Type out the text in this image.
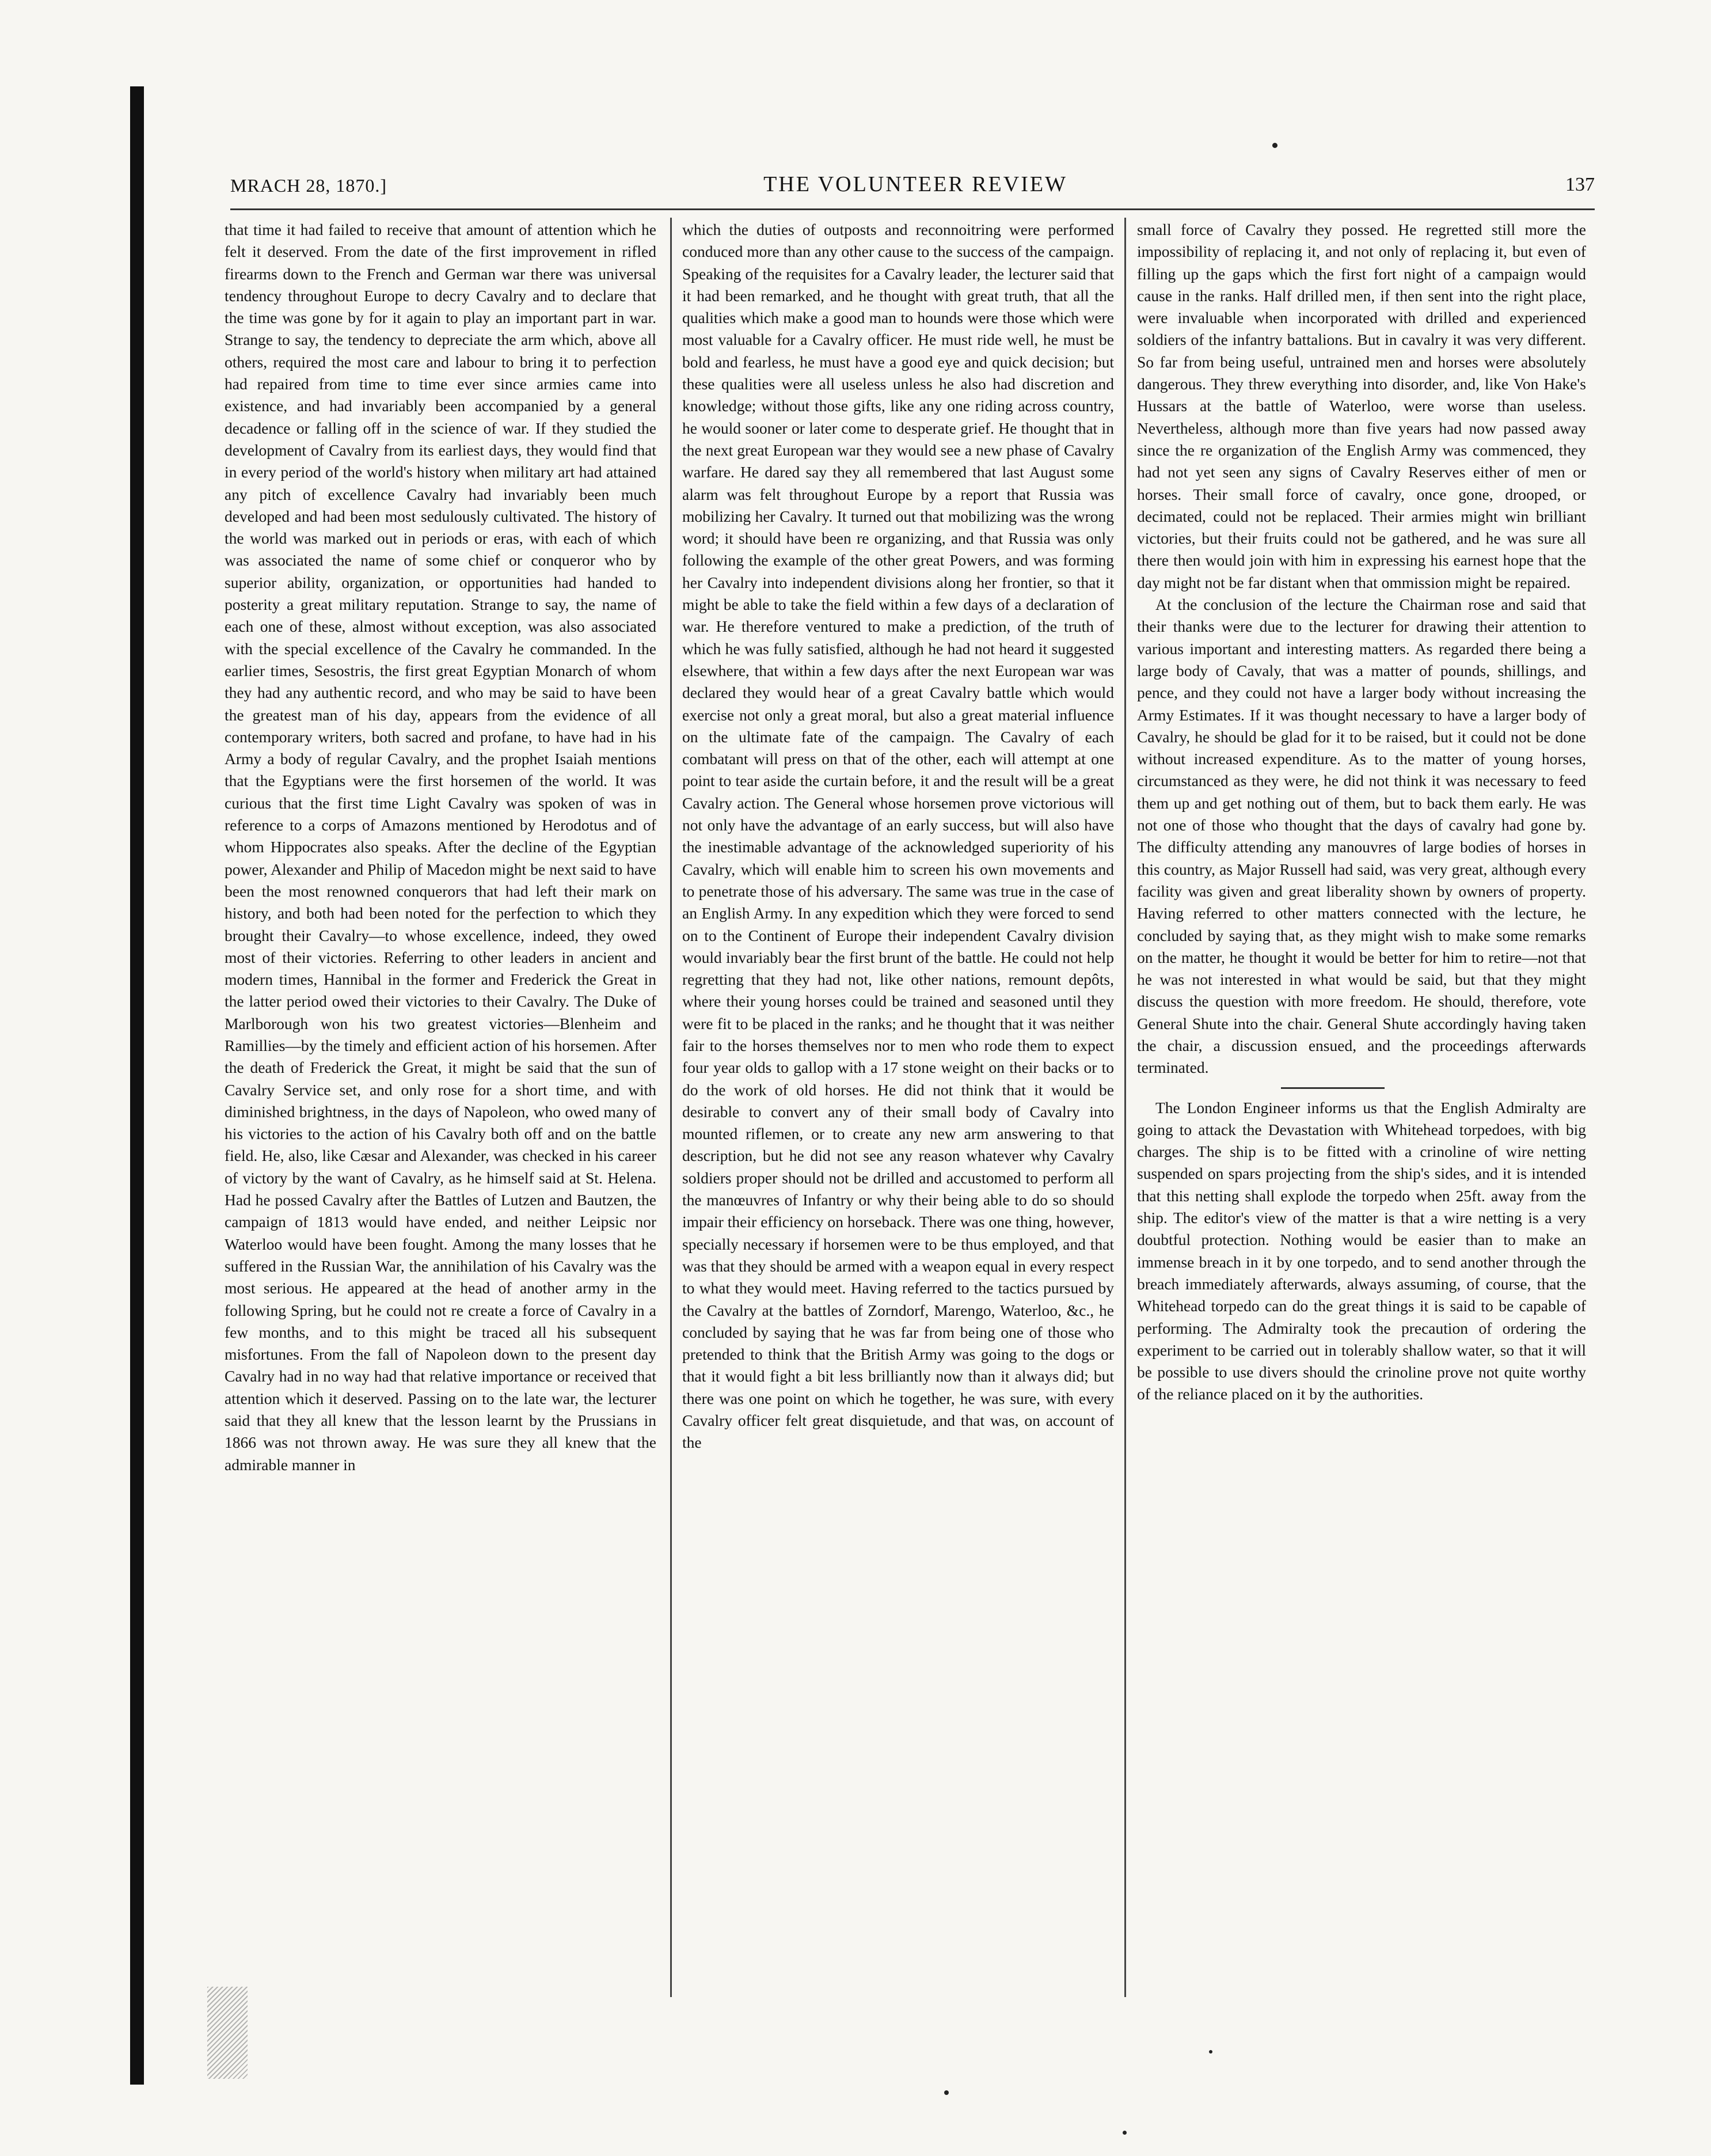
MRACH 28, 1870.]	THE VOLUNTEER REVIEW	137

that time it had failed to receive that amount of attention which he felt it deserved. From the date of the first improvement in rifled firearms down to the French and German war there was universal tendency throughout Europe to decry Cavalry and to declare that the time was gone by for it again to play an important part in war. Strange to say, the tendency to depreciate the arm which, above all others, required the most care and labour to bring it to perfection had repaired from time to time ever since armies came into existence, and had invariably been accompanied by a general decadence or falling off in the science of war. If they studied the development of Cavalry from its earliest days, they would find that in every period of the world's history when military art had attained any pitch of excellence Cavalry had invariably been much developed and had been most sedulously cultivated. The history of the world was marked out in periods or eras, with each of which was associated the name of some chief or conqueror who by superior ability, organization, or opportunities had handed to posterity a great military reputation. Strange to say, the name of each one of these, almost without exception, was also associated with the special excellence of the Cavalry he commanded. In the earlier times, Sesostris, the first great Egyptian Monarch of whom they had any authentic record, and who may be said to have been the greatest man of his day, appears from the evidence of all contemporary writers, both sacred and profane, to have had in his Army a body of regular Cavalry, and the prophet Isaiah mentions that the Egyptians were the first horsemen of the world. It was curious that the first time Light Cavalry was spoken of was in reference to a corps of Amazons mentioned by Herodotus and of whom Hippocrates also speaks. After the decline of the Egyptian power, Alexander and Philip of Macedon might be next said to have been the most renowned conquerors that had left their mark on history, and both had been noted for the perfection to which they brought their Cavalry—to whose excellence, indeed, they owed most of their victories. Referring to other leaders in ancient and modern times, Hannibal in the former and Frederick the Great in the latter period owed their victories to their Cavalry. The Duke of Marlborough won his two greatest victories—Blenheim and Ramillies—by the timely and efficient action of his horsemen. After the death of Frederick the Great, it might be said that the sun of Cavalry Service set, and only rose for a short time, and with diminished brightness, in the days of Napoleon, who owed many of his victories to the action of his Cavalry both off and on the battle field. He, also, like Cæsar and Alexander, was checked in his career of victory by the want of Cavalry, as he himself said at St. Helena. Had he possed Cavalry after the Battles of Lutzen and Bautzen, the campaign of 1813 would have ended, and neither Leipsic nor Waterloo would have been fought. Among the many losses that he suffered in the Russian War, the annihilation of his Cavalry was the most serious. He appeared at the head of another army in the following Spring, but he could not re create a force of Cavalry in a few months, and to this might be traced all his subsequent misfortunes. From the fall of Napoleon down to the present day Cavalry had in no way had that relative importance or received that attention which it deserved. Passing on to the late war, the lecturer said that they all knew that the lesson learnt by the Prussians in 1866 was not thrown away. He was sure they all knew that the admirable manner in

which the duties of outposts and reconnoitring were performed conduced more than any other cause to the success of the campaign. Speaking of the requisites for a Cavalry leader, the lecturer said that it had been remarked, and he thought with great truth, that all the qualities which make a good man to hounds were those which were most valuable for a Cavalry officer. He must ride well, he must be bold and fearless, he must have a good eye and quick decision; but these qualities were all useless unless he also had discretion and knowledge; without those gifts, like any one riding across country, he would sooner or later come to desperate grief. He thought that in the next great European war they would see a new phase of Cavalry warfare. He dared say they all remembered that last August some alarm was felt throughout Europe by a report that Russia was mobilizing her Cavalry. It turned out that mobilizing was the wrong word; it should have been re organizing, and that Russia was only following the example of the other great Powers, and was forming her Cavalry into independent divisions along her frontier, so that it might be able to take the field within a few days of a declaration of war. He therefore ventured to make a prediction, of the truth of which he was fully satisfied, although he had not heard it suggested elsewhere, that within a few days after the next European war was declared they would hear of a great Cavalry battle which would exercise not only a great moral, but also a great material influence on the ultimate fate of the campaign. The Cavalry of each combatant will press on that of the other, each will attempt at one point to tear aside the curtain before, it and the result will be a great Cavalry action. The General whose horsemen prove victorious will not only have the advantage of an early success, but will also have the inestimable advantage of the acknowledged superiority of his Cavalry, which will enable him to screen his own movements and to penetrate those of his adversary. The same was true in the case of an English Army. In any expedition which they were forced to send on to the Continent of Europe their independent Cavalry division would invariably bear the first brunt of the battle. He could not help regretting that they had not, like other nations, remount depôts, where their young horses could be trained and seasoned until they were fit to be placed in the ranks; and he thought that it was neither fair to the horses themselves nor to men who rode them to expect four year olds to gallop with a 17 stone weight on their backs or to do the work of old horses. He did not think that it would be desirable to convert any of their small body of Cavalry into mounted riflemen, or to create any new arm answering to that description, but he did not see any reason whatever why Cavalry soldiers proper should not be drilled and accustomed to perform all the manœuvres of Infantry or why their being able to do so should impair their efficiency on horseback. There was one thing, however, specially necessary if horsemen were to be thus employed, and that was that they should be armed with a weapon equal in every respect to what they would meet. Having referred to the tactics pursued by the Cavalry at the battles of Zorndorf, Marengo, Waterloo, &c., he concluded by saying that he was far from being one of those who pretended to think that the British Army was going to the dogs or that it would fight a bit less brilliantly now than it always did; but there was one point on which he together, he was sure, with every Cavalry officer felt great disquietude, and that was, on account of the

small force of Cavalry they possed. He regretted still more the impossibility of replacing it, and not only of replacing it, but even of filling up the gaps which the first fort night of a campaign would cause in the ranks. Half drilled men, if then sent into the right place, were invaluable when incorporated with drilled and experienced soldiers of the infantry battalions. But in cavalry it was very different. So far from being useful, untrained men and horses were absolutely dangerous. They threw everything into disorder, and, like Von Hake's Hussars at the battle of Waterloo, were worse than useless. Nevertheless, although more than five years had now passed away since the re organization of the English Army was commenced, they had not yet seen any signs of Cavalry Reserves either of men or horses. Their small force of cavalry, once gone, drooped, or decimated, could not be replaced. Their armies might win brilliant victories, but their fruits could not be gathered, and he was sure all there then would join with him in expressing his earnest hope that the day might not be far distant when that ommission might be repaired.

At the conclusion of the lecture the Chairman rose and said that their thanks were due to the lecturer for drawing their attention to various important and interesting matters. As regarded there being a large body of Cavaly, that was a matter of pounds, shillings, and pence, and they could not have a larger body without increasing the Army Estimates. If it was thought necessary to have a larger body of Cavalry, he should be glad for it to be raised, but it could not be done without increased expenditure. As to the matter of young horses, circumstanced as they were, he did not think it was necessary to feed them up and get nothing out of them, but to back them early. He was not one of those who thought that the days of cavalry had gone by. The difficulty attending any manouvres of large bodies of horses in this country, as Major Russell had said, was very great, although every facility was given and great liberality shown by owners of property. Having referred to other matters connected with the lecture, he concluded by saying that, as they might wish to make some remarks on the matter, he thought it would be better for him to retire—not that he was not interested in what would be said, but that they might discuss the question with more freedom. He should, therefore, vote General Shute into the chair. General Shute accordingly having taken the chair, a discussion ensued, and the proceedings afterwards terminated.

The London Engineer informs us that the English Admiralty are going to attack the Devastation with Whitehead torpedoes, with big charges. The ship is to be fitted with a crinoline of wire netting suspended on spars projecting from the ship's sides, and it is intended that this netting shall explode the torpedo when 25ft. away from the ship. The editor's view of the matter is that a wire netting is a very doubtful protection. Nothing would be easier than to make an immense breach in it by one torpedo, and to send another through the breach immediately afterwards, always assuming, of course, that the Whitehead torpedo can do the great things it is said to be capable of performing. The Admiralty took the precaution of ordering the experiment to be carried out in tolerably shallow water, so that it will be possible to use divers should the crinoline prove not quite worthy of the reliance placed on it by the authorities.
